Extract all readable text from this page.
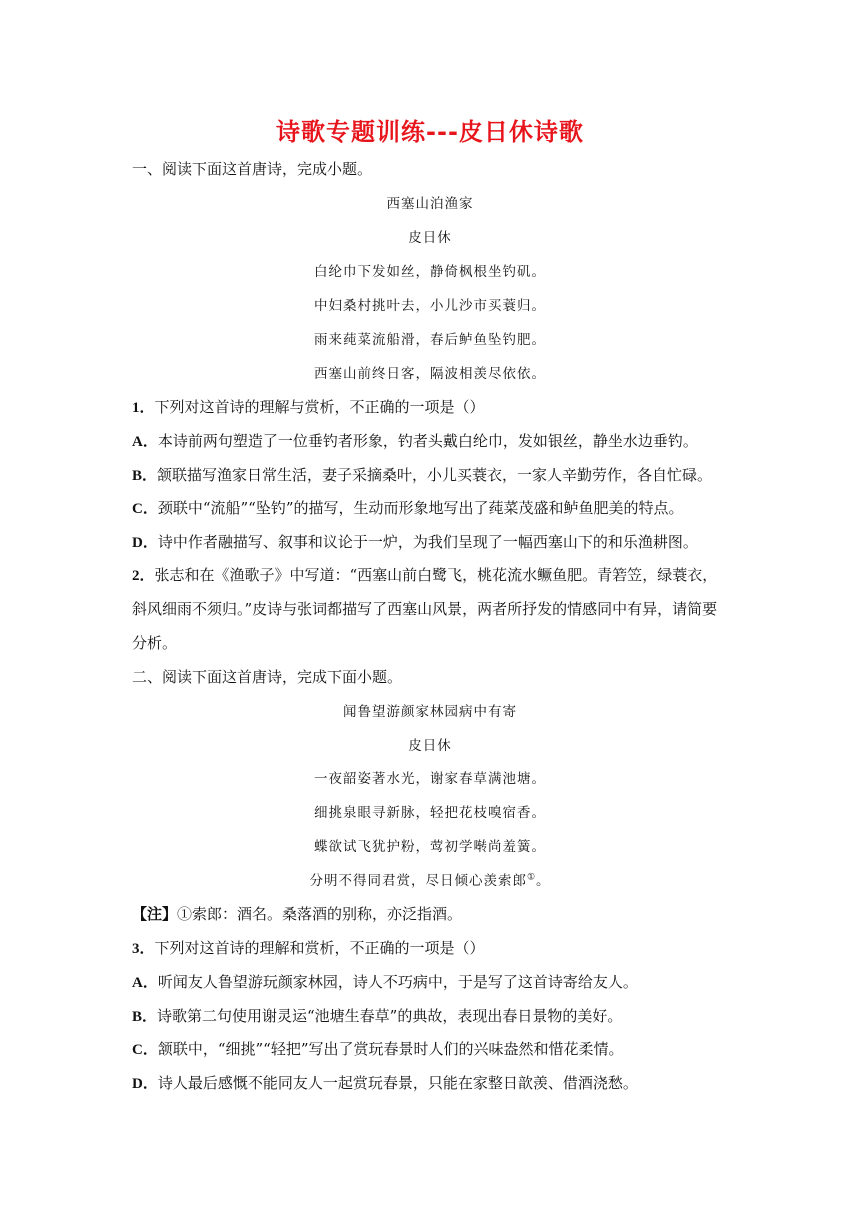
诗歌专题训练---皮日休诗歌
一、阅读下面这首唐诗，完成小题。
西塞山泊渔家
皮日休
白纶巾下发如丝，静倚枫根坐钓矶。
中妇桑村挑叶去，小儿沙市买蓑归。
雨来莼菜流船滑，春后鲈鱼坠钓肥。
西塞山前终日客，隔波相羡尽依依。
1．下列对这首诗的理解与赏析，不正确的一项是（）
A．本诗前两句塑造了一位垂钓者形象，钓者头戴白纶巾，发如银丝，静坐水边垂钓。
B．颔联描写渔家日常生活，妻子采摘桑叶，小儿买蓑衣，一家人辛勤劳作，各自忙碌。
C．颈联中“流船”“坠钓”的描写，生动而形象地写出了莼菜茂盛和鲈鱼肥美的特点。
D．诗中作者融描写、叙事和议论于一炉，为我们呈现了一幅西塞山下的和乐渔耕图。
2．张志和在《渔歌子》中写道：“西塞山前白鹭飞，桃花流水鳜鱼肥。青箬笠，绿蓑衣，
斜风细雨不须归。”皮诗与张词都描写了西塞山风景，两者所抒发的情感同中有异，请简要
分析。
二、阅读下面这首唐诗，完成下面小题。
闻鲁望游颜家林园病中有寄
皮日休
一夜韶姿著水光，谢家春草满池塘。
细挑泉眼寻新脉，轻把花枝嗅宿香。
蝶欲试飞犹护粉，莺初学啭尚羞簧。
分明不得同君赏，尽日倾心羡索郎①。
【注】①索郎：酒名。桑落酒的别称，亦泛指酒。
3．下列对这首诗的理解和赏析，不正确的一项是（）
A．听闻友人鲁望游玩颜家林园，诗人不巧病中，于是写了这首诗寄给友人。
B．诗歌第二句使用谢灵运“池塘生春草”的典故，表现出春日景物的美好。
C．颔联中，“细挑”“轻把”写出了赏玩春景时人们的兴味盎然和惜花柔情。
D．诗人最后感慨不能同友人一起赏玩春景，只能在家整日歆羡、借酒浇愁。
